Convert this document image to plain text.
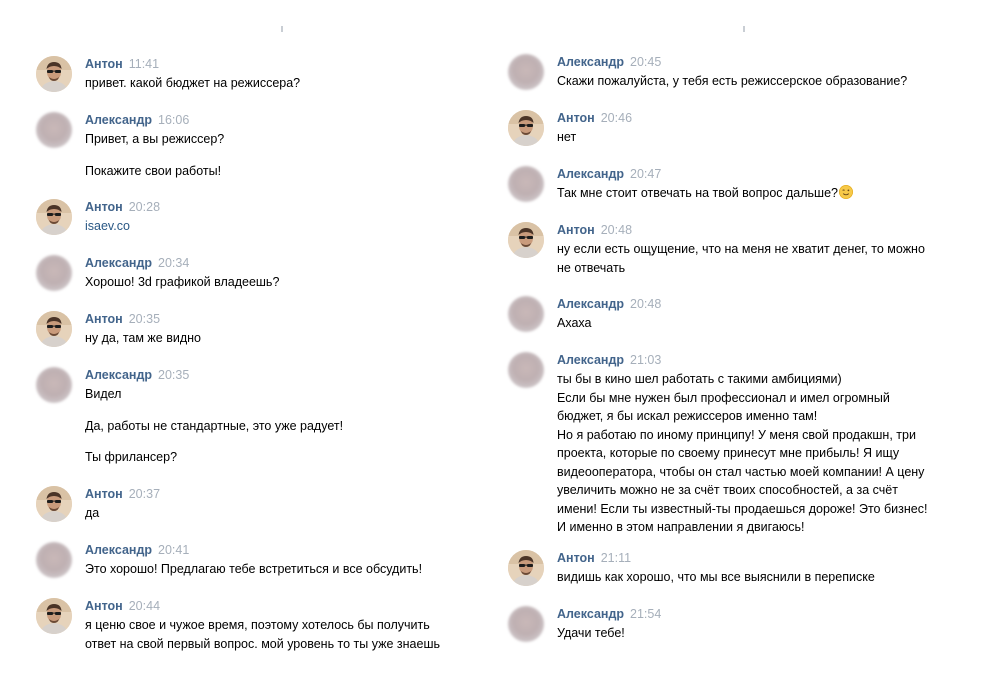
Антон 11:41

привет. какой бюджет на режиссера?

Александр 16:06

Привет, а вы режиссер?

Покажите свои работы!

Антон 20:28

isaev.co

Александр 20:34

Хорошо! 3d графикой владеешь?

Антон 20:35

ну да, там же видно

Александр 20:35

Видел

Да, работы не стандартные, это уже радует!

Ты фрилансер?

Антон 20:37

да

Александр 20:41

Это хорошо! Предлагаю тебе встретиться и все обсудить!

Антон 20:44

я ценю свое и чужое время, поэтому хотелось бы получить

ответ на свой первый вопрос. мой уровень то ты уже знаешь

Александр 20:45

Скажи пожалуйста, у тебя есть режиссерское образование?

Антон 20:46

нет

Александр 20:47

Так мне стоит отвечать на твой вопрос дальше?

Антон 20:48

ну если есть ощущение, что на меня не хватит денег, то можно

не отвечать

Александр 20:48

Ахаха

Александр 21:03

ты бы в кино шел работать с такими амбициями)

Если бы мне нужен был профессионал и имел огромный

бюджет, я бы искал режиссеров именно там!

Но я работаю по иному принципу! У меня свой продакшн, три

проекта, которые по своему принесут мне прибыль! Я ищу

видеооператора, чтобы он стал частью моей компании! А цену

увеличить можно не за счёт твоих способностей, а за счёт

имени! Если ты известный-ты продаешься дороже! Это бизнес!

И именно в этом направлении я двигаюсь!

Антон 21:11

видишь как хорошо, что мы все выяснили в переписке

Александр 21:54

Удачи тебе!
